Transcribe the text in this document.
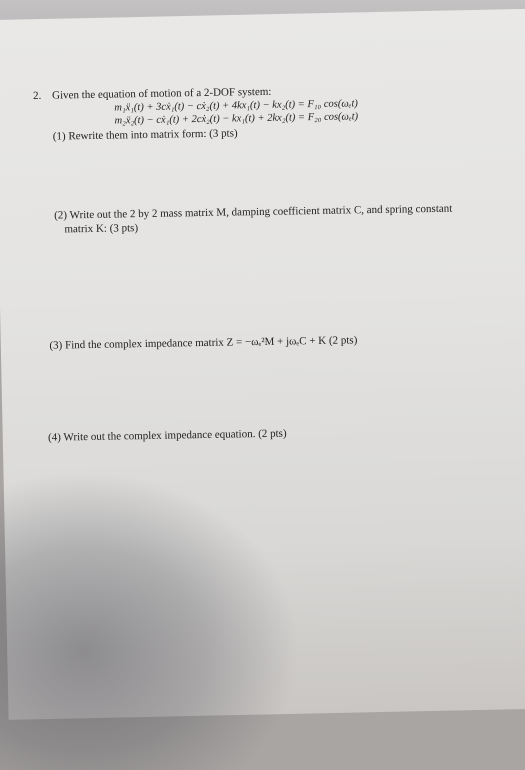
2. Given the equation of motion of a 2-DOF system:
m₁ẍ₁(t) + 3cẋ₁(t) − cẋ₂(t) + 4kx₁(t) − kx₂(t) = F₁₀ cos(ωₑt)
m₂ẍ₂(t) − cẋ₁(t) + 2cẋ₂(t) − kx₁(t) + 2kx₂(t) = F₂₀ cos(ωₑt)
(1) Rewrite them into matrix form: (3 pts)
(2) Write out the 2 by 2 mass matrix M, damping coefficient matrix C, and spring constant
matrix K: (3 pts)
(3) Find the complex impedance matrix Z = −ωₑ²M + jωₑC + K (2 pts)
(4) Write out the complex impedance equation. (2 pts)
